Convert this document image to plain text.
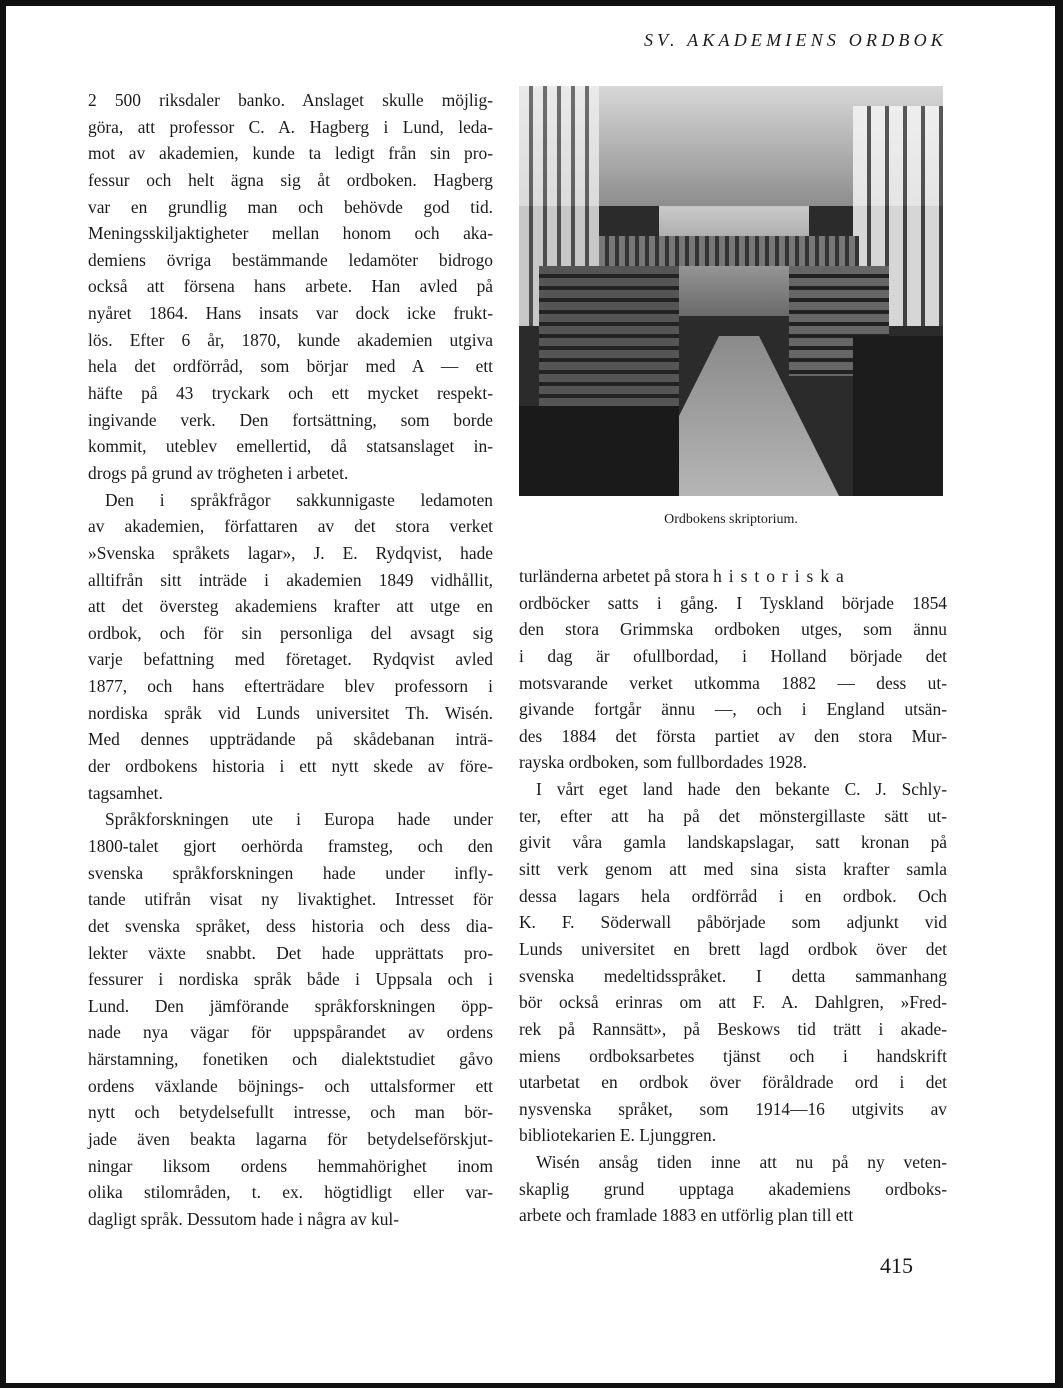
SV. AKADEMIENS ORDBOK
2 500 riksdaler banko. Anslaget skulle möjlig-
göra, att professor C. A. Hagberg i Lund, leda-
mot av akademien, kunde ta ledigt från sin pro-
fessur och helt ägna sig åt ordboken. Hagberg
var en grundlig man och behövde god tid.
Meningsskiljaktigheter mellan honom och aka-
demiens övriga bestämmande ledamöter bidrogo
också att försena hans arbete. Han avled på
nyåret 1864. Hans insats var dock icke frukt-
lös. Efter 6 år, 1870, kunde akademien utgiva
hela det ordförråd, som börjar med A — ett
häfte på 43 tryckark och ett mycket respekt-
ingivande verk. Den fortsättning, som borde
kommit, uteblev emellertid, då statsanslaget in-
drogs på grund av trögheten i arbetet.
Den i språkfrågor sakkunnigaste ledamoten
av akademien, författaren av det stora verket
»Svenska språkets lagar», J. E. Rydqvist, hade
alltifrån sitt inträde i akademien 1849 vidhållit,
att det översteg akademiens krafter att utge en
ordbok, och för sin personliga del avsagt sig
varje befattning med företaget. Rydqvist avled
1877, och hans efterträdare blev professorn i
nordiska språk vid Lunds universitet Th. Wisén.
Med dennes uppträdande på skådebanan inträ-
der ordbokens historia i ett nytt skede av före-
tagsamhet.
Språkforskningen ute i Europa hade under
1800-talet gjort oerhörda framsteg, och den
svenska språkforskningen hade under infly-
tande utifrån visat ny livaktighet. Intresset för
det svenska språket, dess historia och dess dia-
lekter växte snabbt. Det hade upprättats pro-
fessurer i nordiska språk både i Uppsala och i
Lund. Den jämförande språkforskningen öpp-
nade nya vägar för uppspårandet av ordens
härstamning, fonetiken och dialektstudiet gåvo
ordens växlande böjnings- och uttalsformer ett
nytt och betydelsefullt intresse, och man bör-
jade även beakta lagarna för betydelseförskjut-
ningar liksom ordens hemmahörighet inom
olika stilområden, t. ex. högtidligt eller var-
dagligt språk. Dessutom hade i några av kul-
Ordbokens skriptorium.
turländerna arbetet på stora historiska
ordböcker satts i gång. I Tyskland började 1854
den stora Grimmska ordboken utges, som ännu
i dag är ofullbordad, i Holland började det
motsvarande verket utkomma 1882 — dess ut-
givande fortgår ännu —, och i England utsän-
des 1884 det första partiet av den stora Mur-
rayska ordboken, som fullbordades 1928.
I vårt eget land hade den bekante C. J. Schly-
ter, efter att ha på det mönstergillaste sätt ut-
givit våra gamla landskapslagar, satt kronan på
sitt verk genom att med sina sista krafter samla
dessa lagars hela ordförråd i en ordbok. Och
K. F. Söderwall påbörjade som adjunkt vid
Lunds universitet en brett lagd ordbok över det
svenska medeltidsspråket. I detta sammanhang
bör också erinras om att F. A. Dahlgren, »Fred-
rek på Rannsätt», på Beskows tid trätt i akade-
miens ordboksarbetes tjänst och i handskrift
utarbetat en ordbok över föråldrade ord i det
nysvenska språket, som 1914—16 utgivits av
bibliotekarien E. Ljunggren.
Wisén ansåg tiden inne att nu på ny veten-
skaplig grund upptaga akademiens ordboks-
arbete och framlade 1883 en utförlig plan till ett
415
